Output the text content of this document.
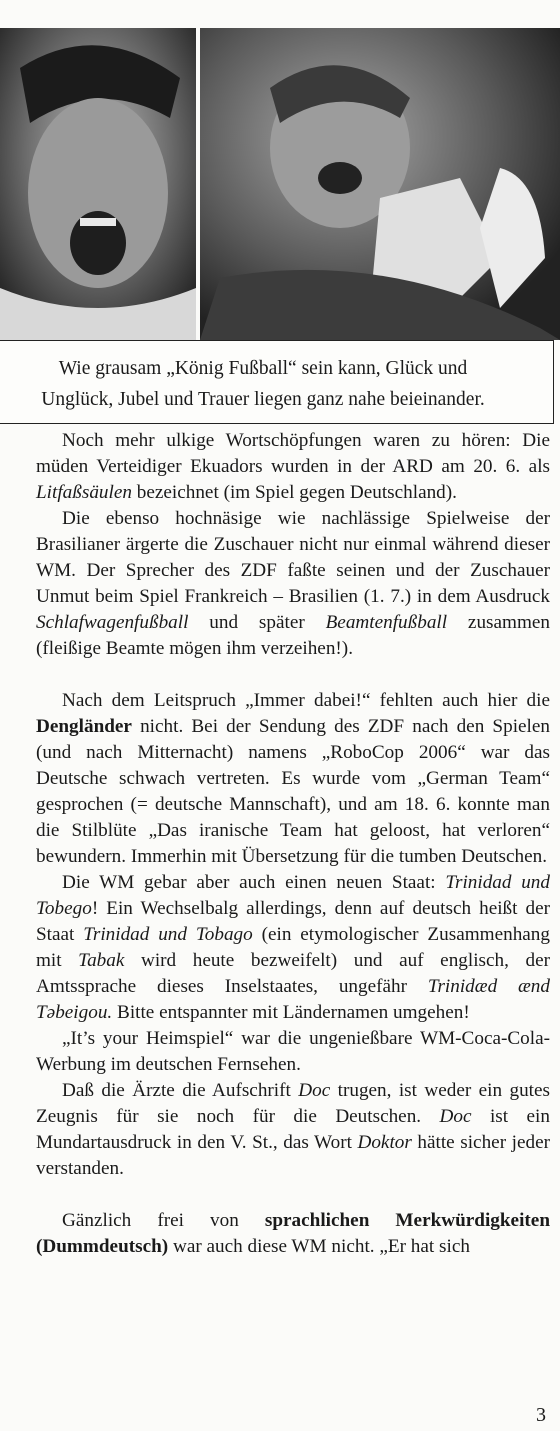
Wie grausam „König Fußball“ sein kann, Glück und
Unglück, Jubel und Trauer liegen ganz nahe beieinander.

Noch mehr ulkige Wortschöpfungen waren zu hören: Die müden Verteidiger Ekuadors wurden in der ARD am 20. 6. als Litfaßsäulen bezeichnet (im Spiel gegen Deutschland).

Die ebenso hochnäsige wie nachlässige Spielweise der Brasilianer ärgerte die Zuschauer nicht nur einmal während dieser WM. Der Sprecher des ZDF faßte seinen und der Zuschauer Unmut beim Spiel Frankreich – Brasilien (1. 7.) in dem Ausdruck Schlafwagenfußball und später Beamtenfußball zusammen (fleißige Beamte mögen ihm verzeihen!).

Nach dem Leitspruch „Immer dabei!“ fehlten auch hier die Dengländer nicht. Bei der Sendung des ZDF nach den Spielen (und nach Mitternacht) namens „RoboCop 2006“ war das Deutsche schwach vertreten. Es wurde vom „German Team“ gesprochen (= deutsche Mannschaft), und am 18. 6. konnte man die Stilblüte „Das iranische Team hat geloost, hat verloren“ bewundern. Immerhin mit Übersetzung für die tumben Deutschen.

Die WM gebar aber auch einen neuen Staat: Trinidad und Tobego! Ein Wechselbalg allerdings, denn auf deutsch heißt der Staat Trinidad und Tobago (ein etymologischer Zusammenhang mit Tabak wird heute bezweifelt) und auf englisch, der Amtssprache dieses Inselstaates, ungefähr Trinidæd ænd Təbeigou. Bitte entspannter mit Ländernamen umgehen!

„It’s your Heimspiel“ war die ungenießbare WM-Coca-Cola-Werbung im deutschen Fernsehen.

Daß die Ärzte die Aufschrift Doc trugen, ist weder ein gutes Zeugnis für sie noch für die Deutschen. Doc ist ein Mundartausdruck in den V. St., das Wort Doktor hätte sicher jeder verstanden.

Gänzlich frei von sprachlichen Merkwürdigkeiten (Dummdeutsch) war auch diese WM nicht. „Er hat sich

3
